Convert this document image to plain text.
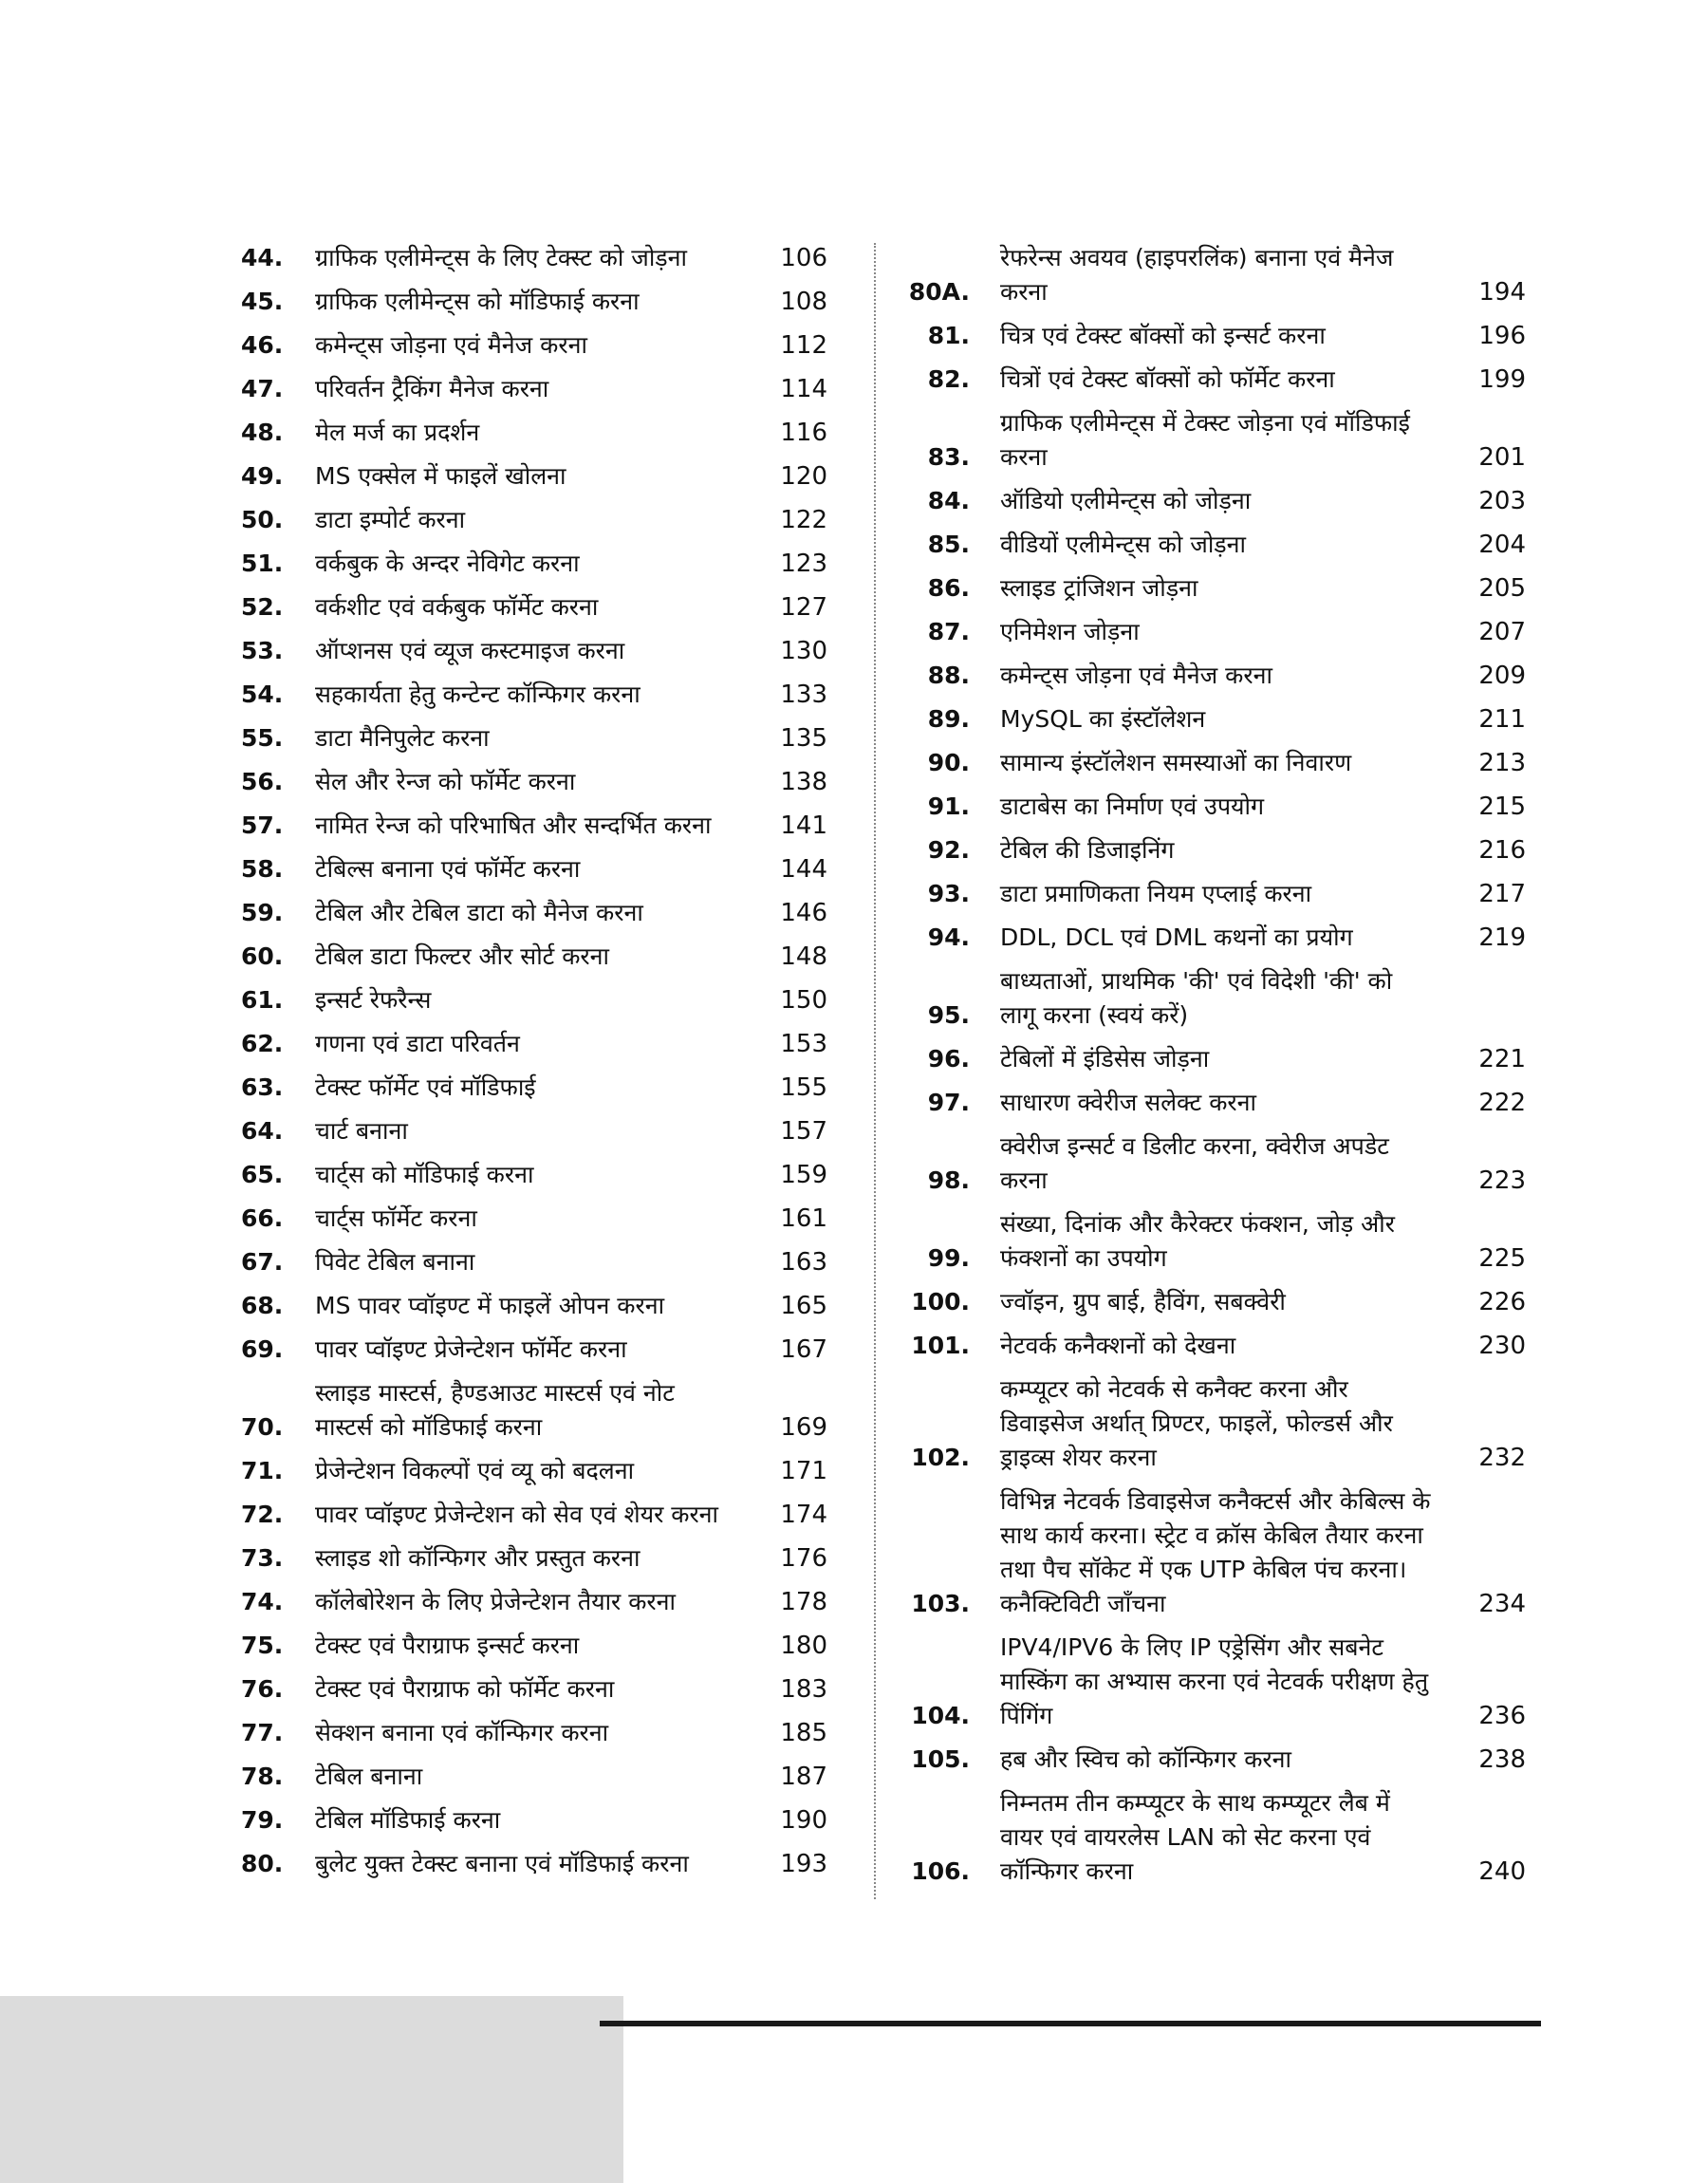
44.	ग्राफिक एलीमेन्ट्स के लिए टेक्स्ट को जोड़ना	106
45.	ग्राफिक एलीमेन्ट्स को मॉडिफाई करना	108
46.	कमेन्ट्स जोड़ना एवं मैनेज करना	112
47.	परिवर्तन ट्रैकिंग मैनेज करना	114
48.	मेल मर्ज का प्रदर्शन	116
49.	MS एक्सेल में फाइलें खोलना	120
50.	डाटा इम्पोर्ट करना	122
51.	वर्कबुक के अन्दर नेविगेट करना	123
52.	वर्कशीट एवं वर्कबुक फॉर्मेट करना	127
53.	ऑप्शनस एवं व्यूज कस्टमाइज करना	130
54.	सहकार्यता हेतु कन्टेन्ट कॉन्फिगर करना	133
55.	डाटा मैनिपुलेट करना	135
56.	सेल और रेन्ज को फॉर्मेट करना	138
57.	नामित रेन्ज को परिभाषित और सन्दर्भित करना	141
58.	टेबिल्स बनाना एवं फॉर्मेट करना	144
59.	टेबिल और टेबिल डाटा को मैनेज करना	146
60.	टेबिल डाटा फिल्टर और सोर्ट करना	148
61.	इन्सर्ट रेफरैन्स	150
62.	गणना एवं डाटा परिवर्तन	153
63.	टेक्स्ट फॉर्मेट एवं मॉडिफाई	155
64.	चार्ट बनाना	157
65.	चार्ट्स को मॉडिफाई करना	159
66.	चार्ट्स फॉर्मेट करना	161
67.	पिवेट टेबिल बनाना	163
68.	MS पावर प्वॉइण्ट में फाइलें ओपन करना	165
69.	पावर प्वॉइण्ट प्रेजेन्टेशन फॉर्मेट करना	167
70.
स्लाइड मास्टर्स, हैण्डआउट मास्टर्स एवं नोट
मास्टर्स को मॉडिफाई करना	169
71.	प्रेजेन्टेशन विकल्पों एवं व्यू को बदलना	171
72.	पावर प्वॉइण्ट प्रेजेन्टेशन को सेव एवं शेयर करना	174
73.	स्लाइड शो कॉन्फिगर और प्रस्तुत करना	176
74.	कॉलेबोरेशन के लिए प्रेजेन्टेशन तैयार करना	178
75.	टेक्स्ट एवं पैराग्राफ इन्सर्ट करना	180
76.	टेक्स्ट एवं पैराग्राफ को फॉर्मेट करना	183
77.	सेक्शन बनाना एवं कॉन्फिगर करना	185
78.	टेबिल बनाना	187
79.	टेबिल मॉडिफाई करना	190
80.	बुलेट युक्त टेक्स्ट बनाना एवं मॉडिफाई करना	193
80A.
रेफरेन्स अवयव (हाइपरलिंक) बनाना एवं मैनेज
करना	194
81. चित्र एवं टेक्स्ट बॉक्सों को इन्सर्ट करना	196
82. चित्रों एवं टेक्स्ट बॉक्सों को फॉर्मेट करना	199
83.
ग्राफिक एलीमेन्ट्स में टेक्स्ट जोड़ना एवं मॉडिफाई
करना	201
84. ऑडियो एलीमेन्ट्स को जोड़ना	203
85. वीडियों एलीमेन्ट्स को जोड़ना	204
86. स्लाइड ट्रांजिशन जोड़ना	205
87. एनिमेशन जोड़ना	207
88. कमेन्ट्स जोड़ना एवं मैनेज करना	209
89. MySQL का इंस्टॉलेशन	211
90. सामान्य इंस्टॉलेशन समस्याओं का निवारण	213
91. डाटाबेस का निर्माण एवं उपयोग	215
92. टेबिल की डिजाइनिंग	216
93. डाटा प्रमाणिकता नियम एप्लाई करना	217
94. DDL, DCL एवं DML कथनों का प्रयोग	219
95.
बाध्यताओं, प्राथमिक 'की' एवं विदेशी 'की' को
लागू करना (स्वयं करें)
96. टेबिलों में इंडिसेस जोड़ना	221
97. साधारण क्वेरीज सलेक्ट करना	222
98.
क्वेरीज इन्सर्ट व डिलीट करना, क्वेरीज अपडेट
करना	223
99.
संख्या, दिनांक और कैरेक्टर फंक्शन, जोड़ और
फंक्शनों का उपयोग	225
100. ज्वॉइन, ग्रुप बाई, हैविंग, सबक्वेरी	226
101. नेटवर्क कनैक्शनों को देखना	230
102.
कम्प्यूटर को नेटवर्क से कनैक्ट करना और
डिवाइसेज अर्थात् प्रिण्टर, फाइलें, फोल्डर्स और
ड्राइव्स शेयर करना	232
103.
विभिन्न नेटवर्क डिवाइसेज कनैक्टर्स और केबिल्स के
साथ कार्य करना। स्ट्रेट व क्रॉस केबिल तैयार करना
तथा पैच सॉकेट में एक UTP केबिल पंच करना।
कनैक्टिविटी जाँचना	234
104.
IPV4/IPV6 के लिए IP एड्रेसिंग और सबनेट
मास्किंग का अभ्यास करना एवं नेटवर्क परीक्षण हेतु
पिंगिंग	236
105. हब और स्विच को कॉन्फिगर करना	238
106.
निम्नतम तीन कम्प्यूटर के साथ कम्प्यूटर लैब में
वायर एवं वायरलेस LAN को सेट करना एवं
कॉन्फिगर करना	240
